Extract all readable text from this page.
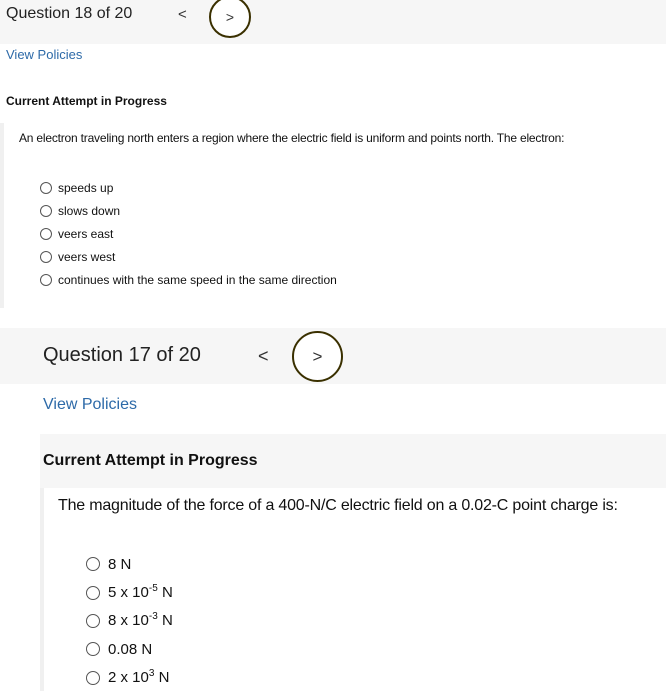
Question 18 of 20	<	>
View Policies
Current Attempt in Progress
An electron traveling north enters a region where the electric field is uniform and points north. The electron:
speeds up
slows down
veers east
veers west
continues with the same speed in the same direction
Question 17 of 20	<	>
View Policies
Current Attempt in Progress
The magnitude of the force of a 400-N/C electric field on a 0.02-C point charge is:
8 N
5 x $10^{-5}$ N
8 x $10^{-3}$ N
0.08 N
2 x $10^3$ N
